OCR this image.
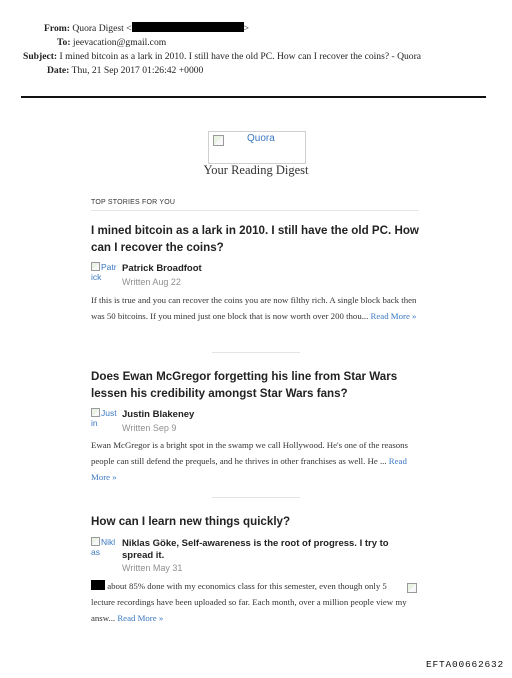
From: Quora Digest <	>
To: jeevacation@gmail.com
Subject: I mined bitcoin as a lark in 2010. I still have the old PC. How can I recover the coins? - Quora
Date: Thu, 21 Sep 2017 01:26:42 +0000
Quora
Your Reading Digest
TOP STORIES FOR YOU
I mined bitcoin as a lark in 2010. I still have the old PC. How can I recover the coins?
Patrick
Patrick Broadfoot
Written Aug 22
If this is true and you can recover the coins you are now filthy rich. A single block back then was 50 bitcoins. If you mined just one block that is now worth over 200 thou... Read More »
Does Ewan McGregor forgetting his line from Star Wars lessen his credibility amongst Star Wars fans?
Justin
Justin Blakeney
Written Sep 9
Ewan McGregor is a bright spot in the swamp we call Hollywood. He's one of the reasons people can still defend the prequels, and he thrives in other franchises as well. He ... Read More »
How can I learn new things quickly?
Niklas
Niklas Göke, Self-awareness is the root of progress. I try to spread it.
Written May 31
about 85% done with my economics class for this semester, even though only 5 lecture recordings have been uploaded so far. Each month, over a million people view my answ... Read More »
EFTA00662632
